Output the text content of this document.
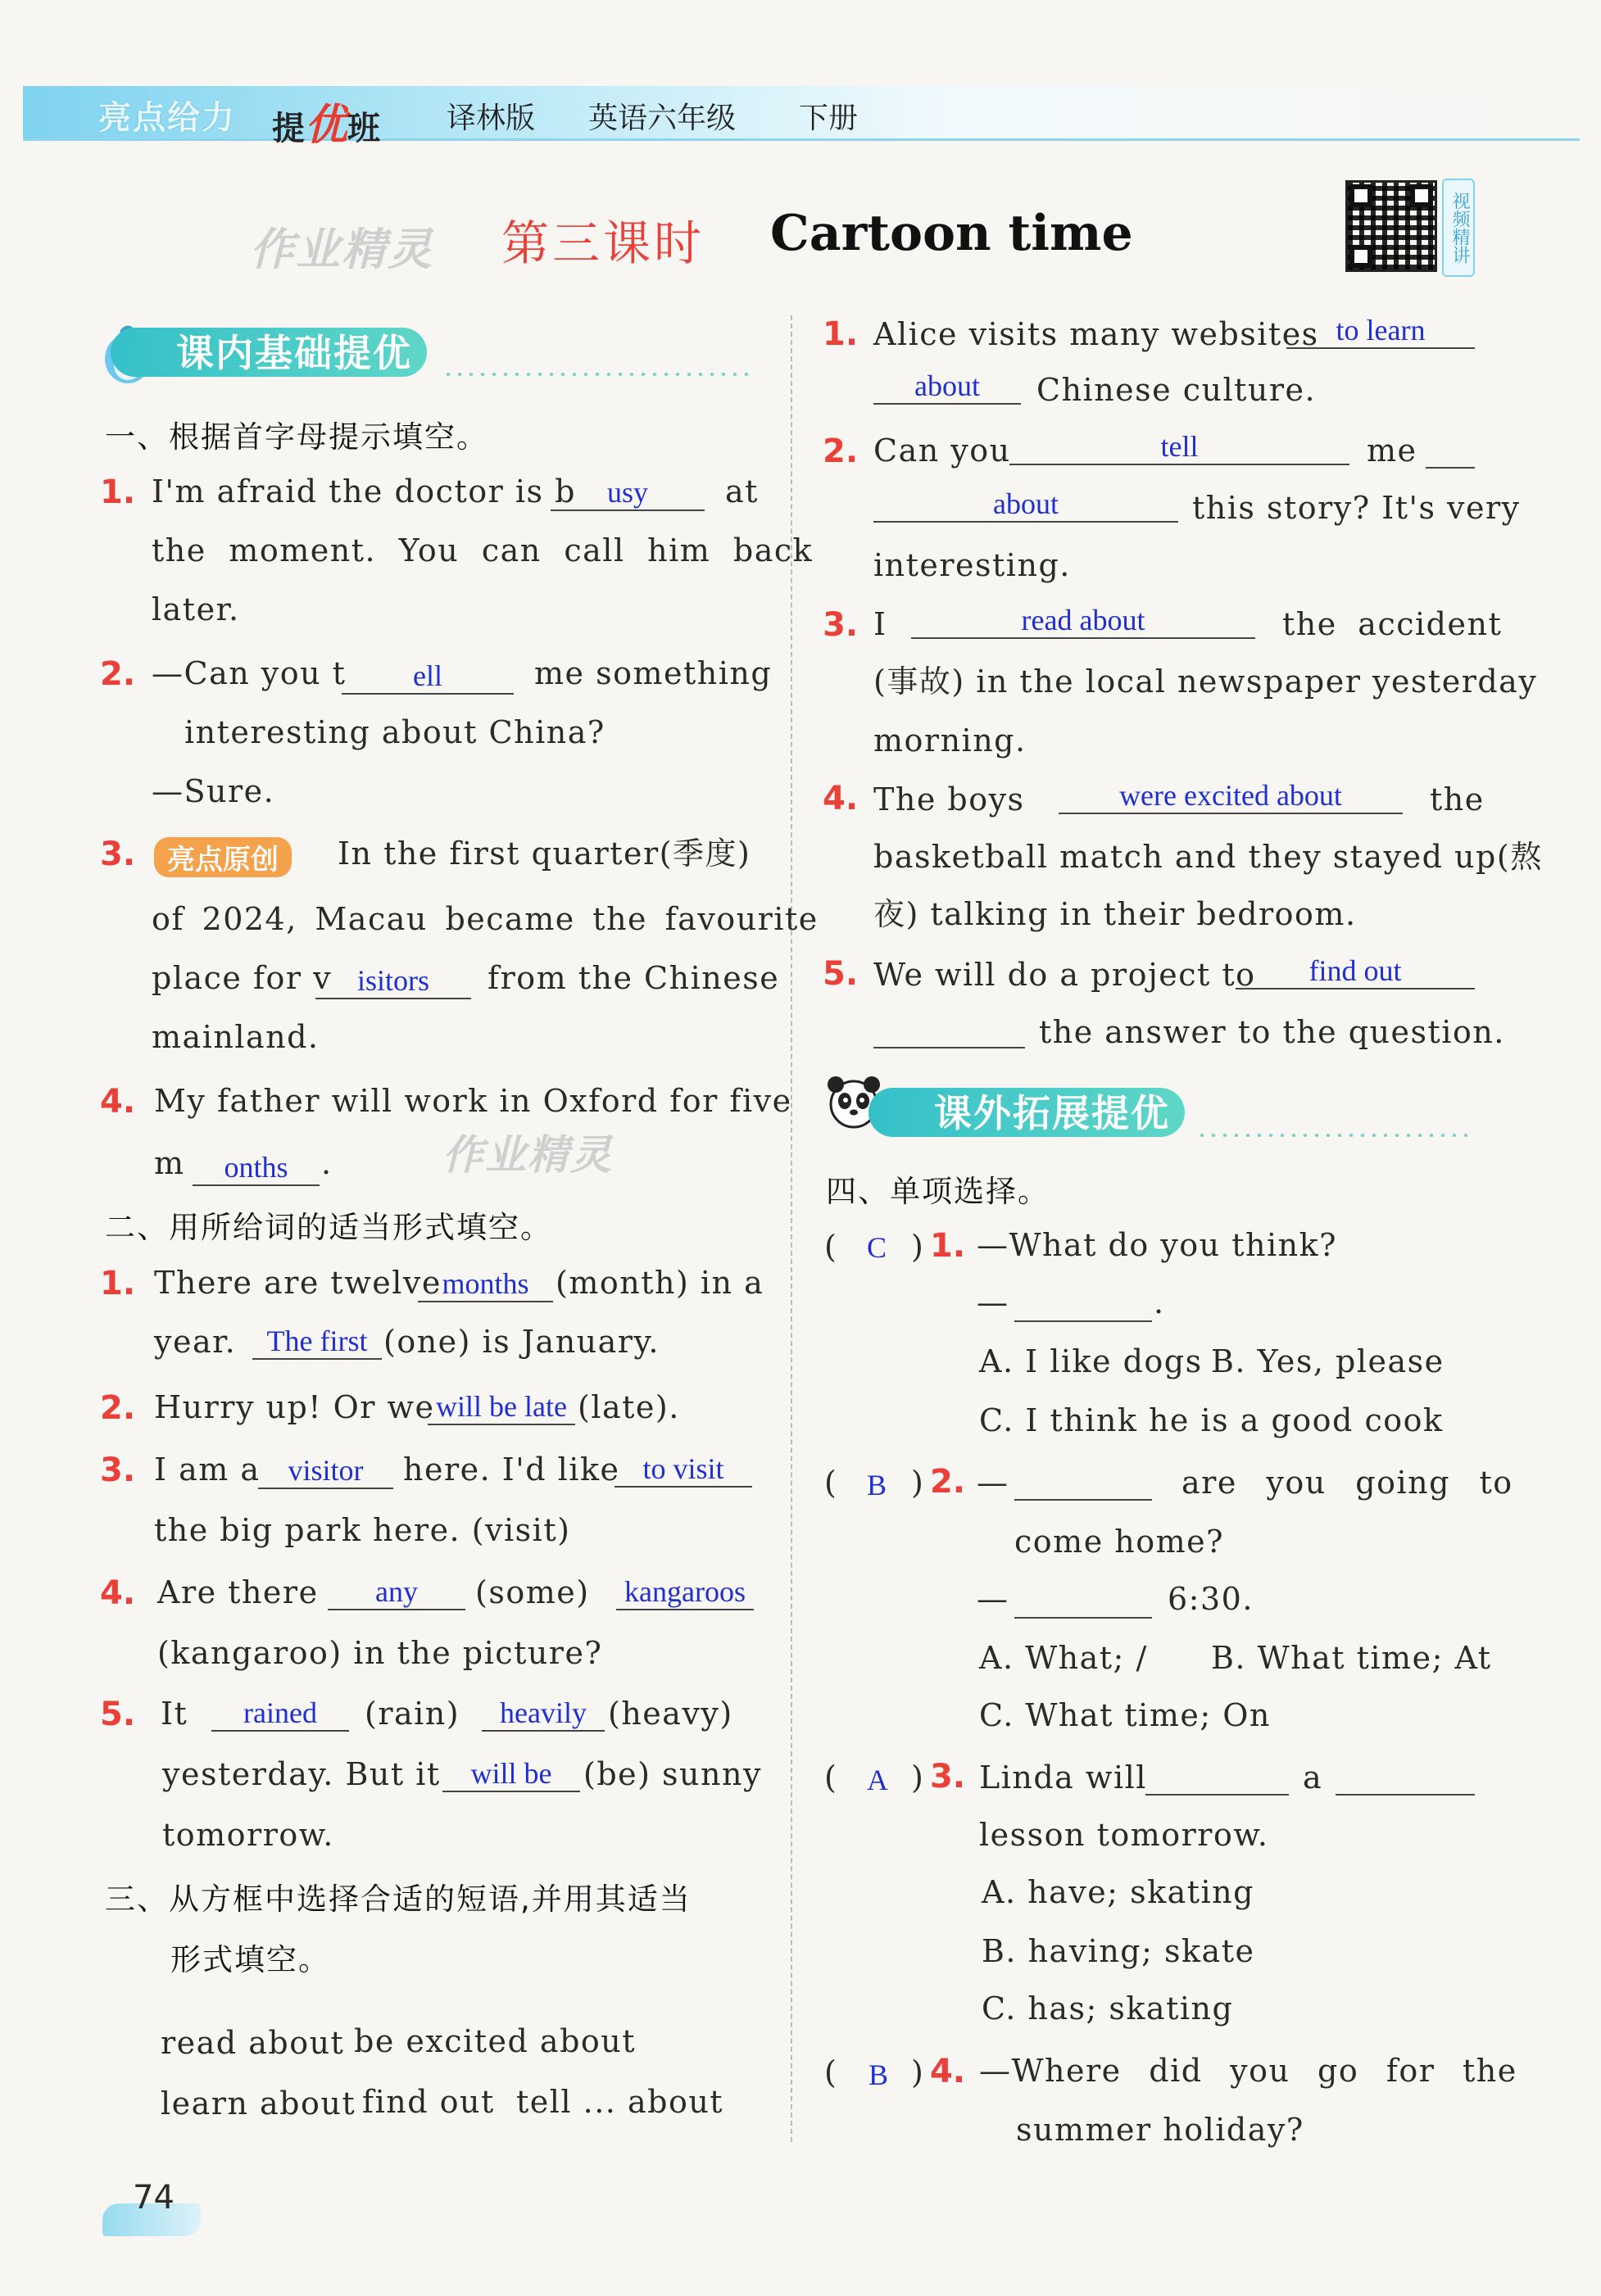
亮点给力 提优班 译林版 英语六年级 下册
作业精灵 第三课时 Cartoon time	视频精讲
课内基础提优
一、根据首字母提示填空。
1. I'm afraid the doctor is b	usy	at
the moment. You can call him back
later.
2. —Can you t	ell	me something
interesting about China?
—Sure.
3.	亮点原创	In the first quarter(季度)
of 2024, Macau became the favourite
place for v isitors	from the Chinese
mainland.
4. My father will work in Oxford for five
作业精灵
m	onths	.
二、用所给词的适当形式填空。
1. There are twelve months (month) in a
year.	The first (one) is January.
2. Hurry up! Or we will be late (late).
3. I am a visitor	here. I'd like to visit
the big park here. (visit)
4. Are there	any	(some) kangaroos
(kangaroo) in the picture?
5. It	rained	(rain)	heavily (heavy)
yesterday. But it	will be	(be) sunny
tomorrow.
三、从方框中选择合适的短语,并用其适当
形式填空。
read about be excited about
learn about find out tell ... about
1. Alice visits many websites to learn
about	Chinese culture.
2. Can you	tell	me
about	this story? It's very
interesting.
3. I	read about	the accident
(事故) in the local newspaper yesterday
morning.
4. The boys	were excited about	the
basketball match and they stayed up(熬
夜) talking in their bedroom.
5. We will do a project to	find out
the answer to the question.
课外拓展提优
四、单项选择。
( C ) 1. —What do you think?
—	.
A. I like dogs B. Yes, please
C. I think he is a good cook
( B ) 2. —	are you going to
come home?
—	6:30.
A. What; / B. What time; At
C. What time; On
( A ) 3. Linda will	a
lesson tomorrow.
A. have; skating
B. having; skate
C. has; skating
( B ) 4. —Where did you go for the
summer holiday?
74
